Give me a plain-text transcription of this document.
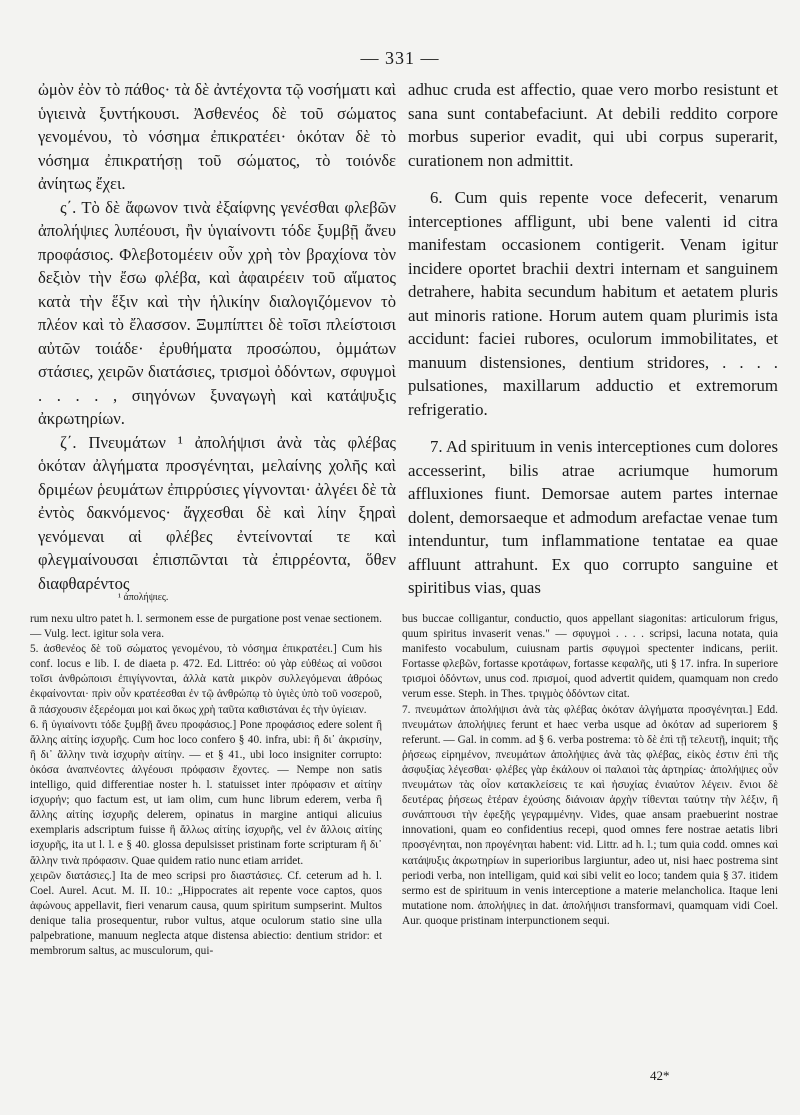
— 331 —

ὠμὸν ἐὸν τὸ πάθος· τὰ δὲ ἀντέχοντα τῷ νοσήματι καὶ ὑγιεινὰ ξυντήκουσι. Ἀσθενέος δὲ τοῦ σώματος γενομένου, τὸ νόσημα ἐπικρατέει· ὁκόταν δὲ τὸ νόσημα ἐπικρατήσῃ τοῦ σώματος, τὸ τοιόνδε ἀνίητως ἔχει.

ς΄. Τὸ δὲ ἄφωνον τινὰ ἐξαίφνης γενέσθαι φλεβῶν ἀπολήψιες λυπέουσι, ἢν ὑγιαίνοντι τόδε ξυμβῇ ἄνευ προφάσιος. Φλεβοτομέειν οὖν χρὴ τὸν βραχίονα τὸν δεξιὸν τὴν ἔσω φλέβα, καὶ ἀφαιρέειν τοῦ αἵματος κατὰ τὴν ἕξιν καὶ τὴν ἡλικίην διαλογιζόμενον τὸ πλέον καὶ τὸ ἔλασσον. Ξυμπίπτει δὲ τοῖσι πλείστοισι αὐτῶν τοιάδε· ἐρυθήματα προσώπου, ὀμμάτων στάσιες, χειρῶν διατάσιες, τρισμοὶ ὀδόντων, σφυγμοὶ . . . . , σιηγόνων ξυναγωγὴ καὶ κατάψυξις ἀκρωτηρίων.

ζ΄. Πνευμάτων ¹ ἀπολήψισι ἀνὰ τὰς φλέβας ὁκόταν ἀλγήματα προσγένηται, μελαίνης χολῆς καὶ δριμέων ῥευμάτων ἐπιρρύσιες γίγνονται· ἀλγέει δὲ τὰ ἐντὸς δακνόμενος· ἄγχεσθαι δὲ καὶ λίην ξηραὶ γενόμεναι αἱ φλέβες ἐντείνονταί τε καὶ φλεγμαίνουσαι ἐπισπῶνται τὰ ἐπιρρέοντα, ὅθεν διαφθαρέντος

adhuc cruda est affectio, quae vero morbo resistunt et sana sunt contabefaciunt. At debili reddito corpore morbus superior evadit, qui ubi corpus superarit, curationem non admittit.

6. Cum quis repente voce defecerit, venarum interceptiones affligunt, ubi bene valenti id citra manifestam occasionem contigerit. Venam igitur incidere oportet brachii dextri internam et sanguinem detrahere, habita secundum habitum et aetatem pluris aut minoris ratione. Horum autem quam plurimis ista accidunt: faciei rubores, oculorum immobilitates, et manuum distensiones, dentium stridores, . . . . pulsationes, maxillarum adductio et extremorum refrigeratio.

7. Ad spirituum in venis interceptiones cum dolores accesserint, bilis atrae acriumque humorum affluxiones fiunt. Demorsae autem partes internae dolent, demorsaeque et admodum arefactae venae tum intenduntur, tum inflammatione tentatae ea quae affluunt attrahunt. Ex quo corrupto sanguine et spiritibus vias, quas

¹ ἀπολήψιες.

rum nexu ultro patet h. l. sermonem esse de purgatione post venae sectionem. — Vulg. lect. igitur sola vera.

5. ἀσθενέος δὲ τοῦ σώματος γενομένου, τὸ νόσημα ἐπικρατέει.] Cum his conf. locus e lib. I. de diaeta p. 472. Ed. Littréo: οὐ γὰρ εὐθέως αἱ νοῦσοι τοῖσι ἀνθρώποισι ἐπιγίγνονται, ἀλλὰ κατὰ μικρὸν συλλεγόμεναι ἀθρόως ἐκφαίνονται· πρὶν οὖν κρατέεσθαι ἐν τῷ ἀνθρώπῳ τὸ ὑγιὲς ὑπὸ τοῦ νοσεροῦ, ἃ πάσχουσιν ἐξερέομαι μοι καὶ ὅκως χρὴ ταῦτα καθιστάναι ἐς τὴν ὑγίειαν.

6. ἢ ὑγιαίνοντι τόδε ξυμβῇ ἄνευ προφάσιος.] Pone προφάσιος edere solent ἢ ἄλλης αἰτίης ἰσχυρῆς. Cum hoc loco confero § 40. infra, ubi: ἢ δι᾽ ἀκρισίην, ἢ δι᾽ ἄλλην τινὰ ἰσχυρὴν αἰτίην. — et § 41., ubi loco insigniter corrupto: ὁκόσα ἀναπνέοντες ἀλγέουσι πρόφασιν ἔχοντες. — Nempe non satis intelligo, quid differentiae noster h. l. statuisset inter πρόφασιν et αἰτίην ἰσχυρήν; quo factum est, ut iam olim, cum hunc librum ederem, verba ἢ ἄλλης αἰτίης ἰσχυρῆς delerem, opinatus in margine antiqui alicuius exemplaris adscriptum fuisse ἢ ἄλλως αἰτίης ἰσχυρῆς, vel ἐν ἄλλοις αἰτίης ἰσχυρῆς, ita ut l. l. e § 40. glossa depulsisset pristinam forte scripturam ἢ δι᾽ ἄλλην τινὰ πρόφασιν. Quae quidem ratio nunc etiam arridet.

χειρῶν διατάσιες.] Ita de meo scripsi pro διαστάσιες. Cf. ceterum ad h. l. Coel. Aurel. Acut. M. II. 10.: „Hippocrates ait repente voce captos, quos ἀφώνους appellavit, fieri venarum causa, quum spiritum sumpserint. Multos denique talia prosequentur, rubor vultus, atque oculorum statio sine ulla palpebratione, manuum neglecta atque distensa abiectio: dentium stridor: et membrorum saltus, ac musculorum, qui-

bus buccae colligantur, conductio, quos appellant siagonitas: articulorum frigus, quum spiritus invaserit venas." — σφυγμοὶ . . . . scripsi, lacuna notata, quia manifesto vocabulum, cuiusnam partis σφυγμοὶ spectenter indicans, periit. Fortasse φλεβῶν, fortasse κροτάφων, fortasse κεφαλῆς, uti § 17. infra. In superiore τρισμοὶ ὀδόντων, unus cod. πρισμοί, quod advertit quidem, quamquam non credo verum esse. Steph. in Thes. τριγμὸς ὀδόντων citat.

7. πνευμάτων ἀπολήψισι ἀνὰ τὰς φλέβας ὁκόταν ἀλγήματα προσγένηται.] Edd. πνευμάτων ἀπολήψιες ferunt et haec verba usque ad ὁκόταν ad superiorem § referunt. — Gal. in comm. ad § 6. verba postrema: τὸ δὲ ἐπὶ τῇ τελευτῇ, inquit; τῆς ῥήσεως εἰρημένον, πνευμάτων ἀπολήψιες ἀνὰ τὰς φλέβας, εἰκὸς ἐστιν ἐπὶ τῆς ἀσφυξίας λέγεσθαι· φλέβες γὰρ ἐκάλουν οἱ παλαιοὶ τὰς ἀρτηρίας· ἀπολήψιες οὖν πνευμάτων τὰς οἷον κατακλείσεις τε καὶ ἡσυχίας ἐνιαύτον λέγειν. ἔνιοι δὲ δευτέρας ῥήσεως ἑτέραν ἐχούσης διάνοιαν ἀρχὴν τίθενται ταύτην τὴν λέξιν, ἢ συνάπτουσι τὴν ἐφεξῆς γεγραμμένην. Vides, quae ansam praebuerint nostrae innovationi, quam eo confidentius recepi, quod omnes fere nostrae aetatis libri προσγένηται, non προγένηται habent: vid. Littr. ad h. l.; tum quia codd. omnes καὶ κατάψυξις ἀκρωτηρίων in superioribus largiuntur, adeo ut, nisi haec postrema sint periodi verba, non intelligam, quid καὶ sibi velit eo loco; tandem quia § 37. itidem sermo est de spirituum in venis interceptione a materie melancholica. Itaque leni mutatione nom. ἀπολήψιες in dat. ἀπολήψισι transformavi, quamquam vidi Coel. Aur. quoque pristinam interpunctionem sequi.

42*
